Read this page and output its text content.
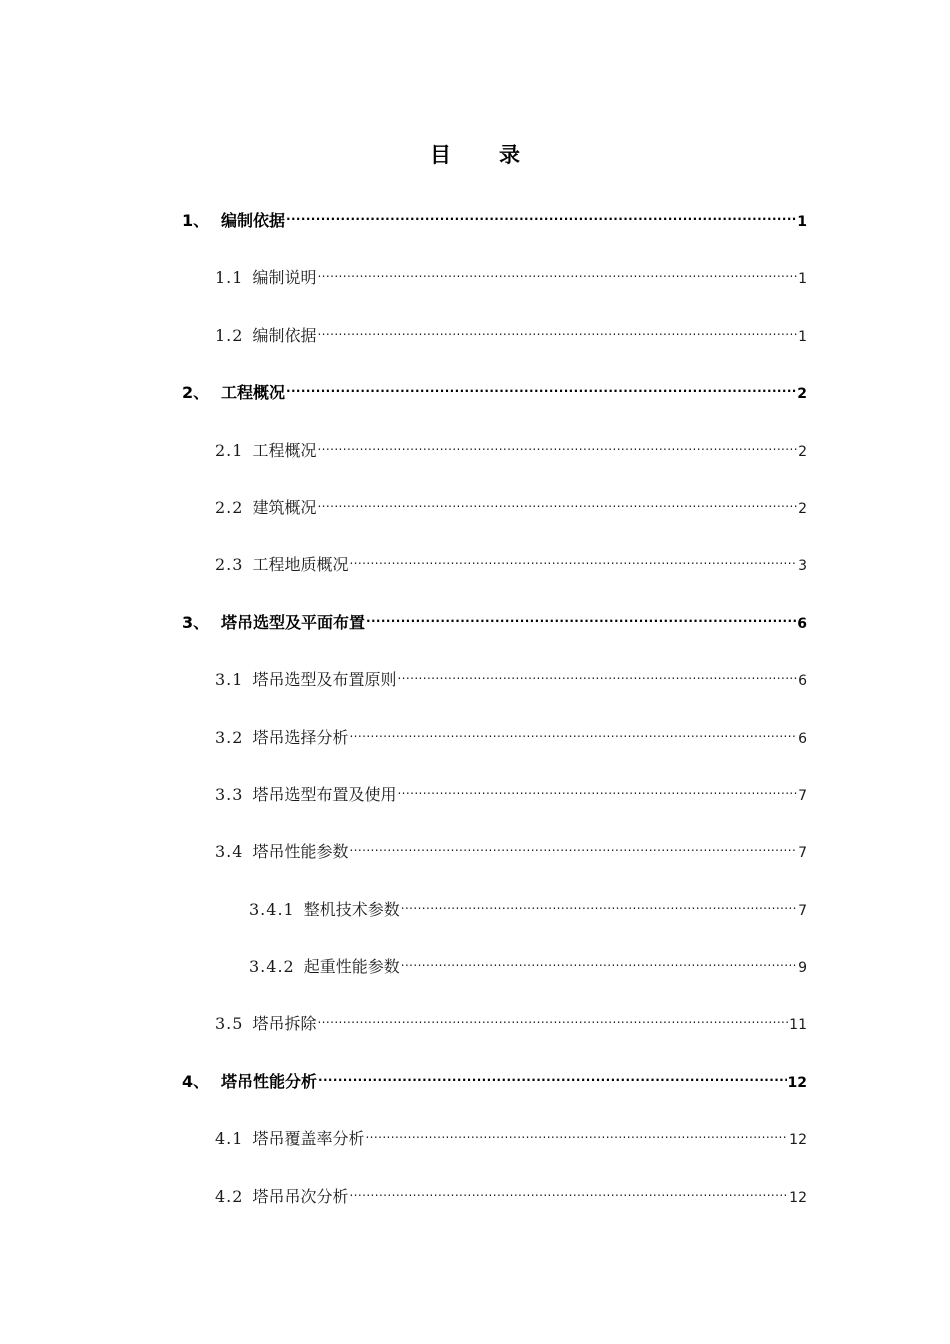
目 录
1、 编制依据 .....	1
1.1 编制说明 .....	1
1.2 编制依据 .....	1
2、 工程概况 .....	2
2.1 工程概况 .....	2
2.2 建筑概况 .....	2
2.3 工程地质概况 .....	3
3、 塔吊选型及平面布置 .....	6
3.1 塔吊选型及布置原则 .....	6
3.2 塔吊选择分析 .....	6
3.3 塔吊选型布置及使用 .....	7
3.4 塔吊性能参数 .....	7
3.4.1 整机技术参数 .....	7
3.4.2 起重性能参数 .....	9
3.5 塔吊拆除 .....	11
4、 塔吊性能分析 .....	12
4.1 塔吊覆盖率分析 .....	12
4.2 塔吊吊次分析 .....	12
